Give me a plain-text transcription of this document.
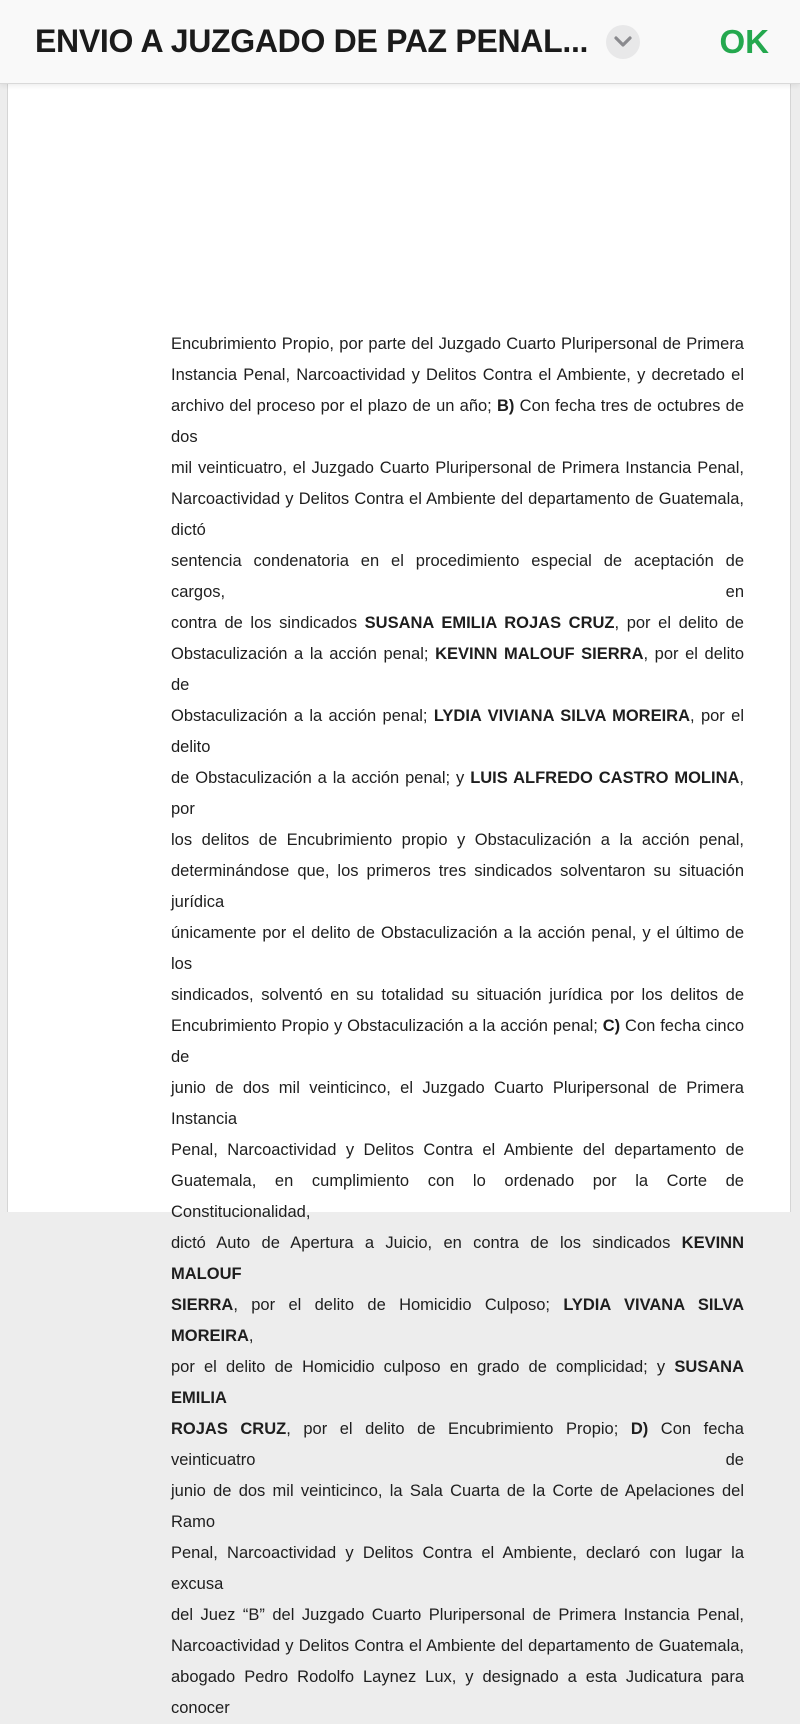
ENVIO A JUZGADO DE PAZ PENAL...	OK
Encubrimiento Propio, por parte del Juzgado Cuarto Pluripersonal de Primera
Instancia Penal, Narcoactividad y Delitos Contra el Ambiente, y decretado el
archivo del proceso por el plazo de un año; B) Con fecha tres de octubres de dos
mil veinticuatro, el Juzgado Cuarto Pluripersonal de Primera Instancia Penal,
Narcoactividad y Delitos Contra el Ambiente del departamento de Guatemala, dictó
sentencia condenatoria en el procedimiento especial de aceptación de cargos, en
contra de los sindicados SUSANA EMILIA ROJAS CRUZ, por el delito de
Obstaculización a la acción penal; KEVINN MALOUF SIERRA, por el delito de
Obstaculización a la acción penal; LYDIA VIVIANA SILVA MOREIRA, por el delito
de Obstaculización a la acción penal; y LUIS ALFREDO CASTRO MOLINA, por
los delitos de Encubrimiento propio y Obstaculización a la acción penal,
determinándose que, los primeros tres sindicados solventaron su situación jurídica
únicamente por el delito de Obstaculización a la acción penal, y el último de los
sindicados, solventó en su totalidad su situación jurídica por los delitos de
Encubrimiento Propio y Obstaculización a la acción penal; C) Con fecha cinco de
junio de dos mil veinticinco, el Juzgado Cuarto Pluripersonal de Primera Instancia
Penal, Narcoactividad y Delitos Contra el Ambiente del departamento de
Guatemala, en cumplimiento con lo ordenado por la Corte de Constitucionalidad,
dictó Auto de Apertura a Juicio, en contra de los sindicados KEVINN MALOUF
SIERRA, por el delito de Homicidio Culposo; LYDIA VIVANA SILVA MOREIRA,
por el delito de Homicidio culposo en grado de complicidad; y SUSANA EMILIA
ROJAS CRUZ, por el delito de Encubrimiento Propio; D) Con fecha veinticuatro de
junio de dos mil veinticinco, la Sala Cuarta de la Corte de Apelaciones del Ramo
Penal, Narcoactividad y Delitos Contra el Ambiente, declaró con lugar la excusa
del Juez “B” del Juzgado Cuarto Pluripersonal de Primera Instancia Penal,
Narcoactividad y Delitos Contra el Ambiente del departamento de Guatemala,
abogado Pedro Rodolfo Laynez Lux, y designado a esta Judicatura para conocer
